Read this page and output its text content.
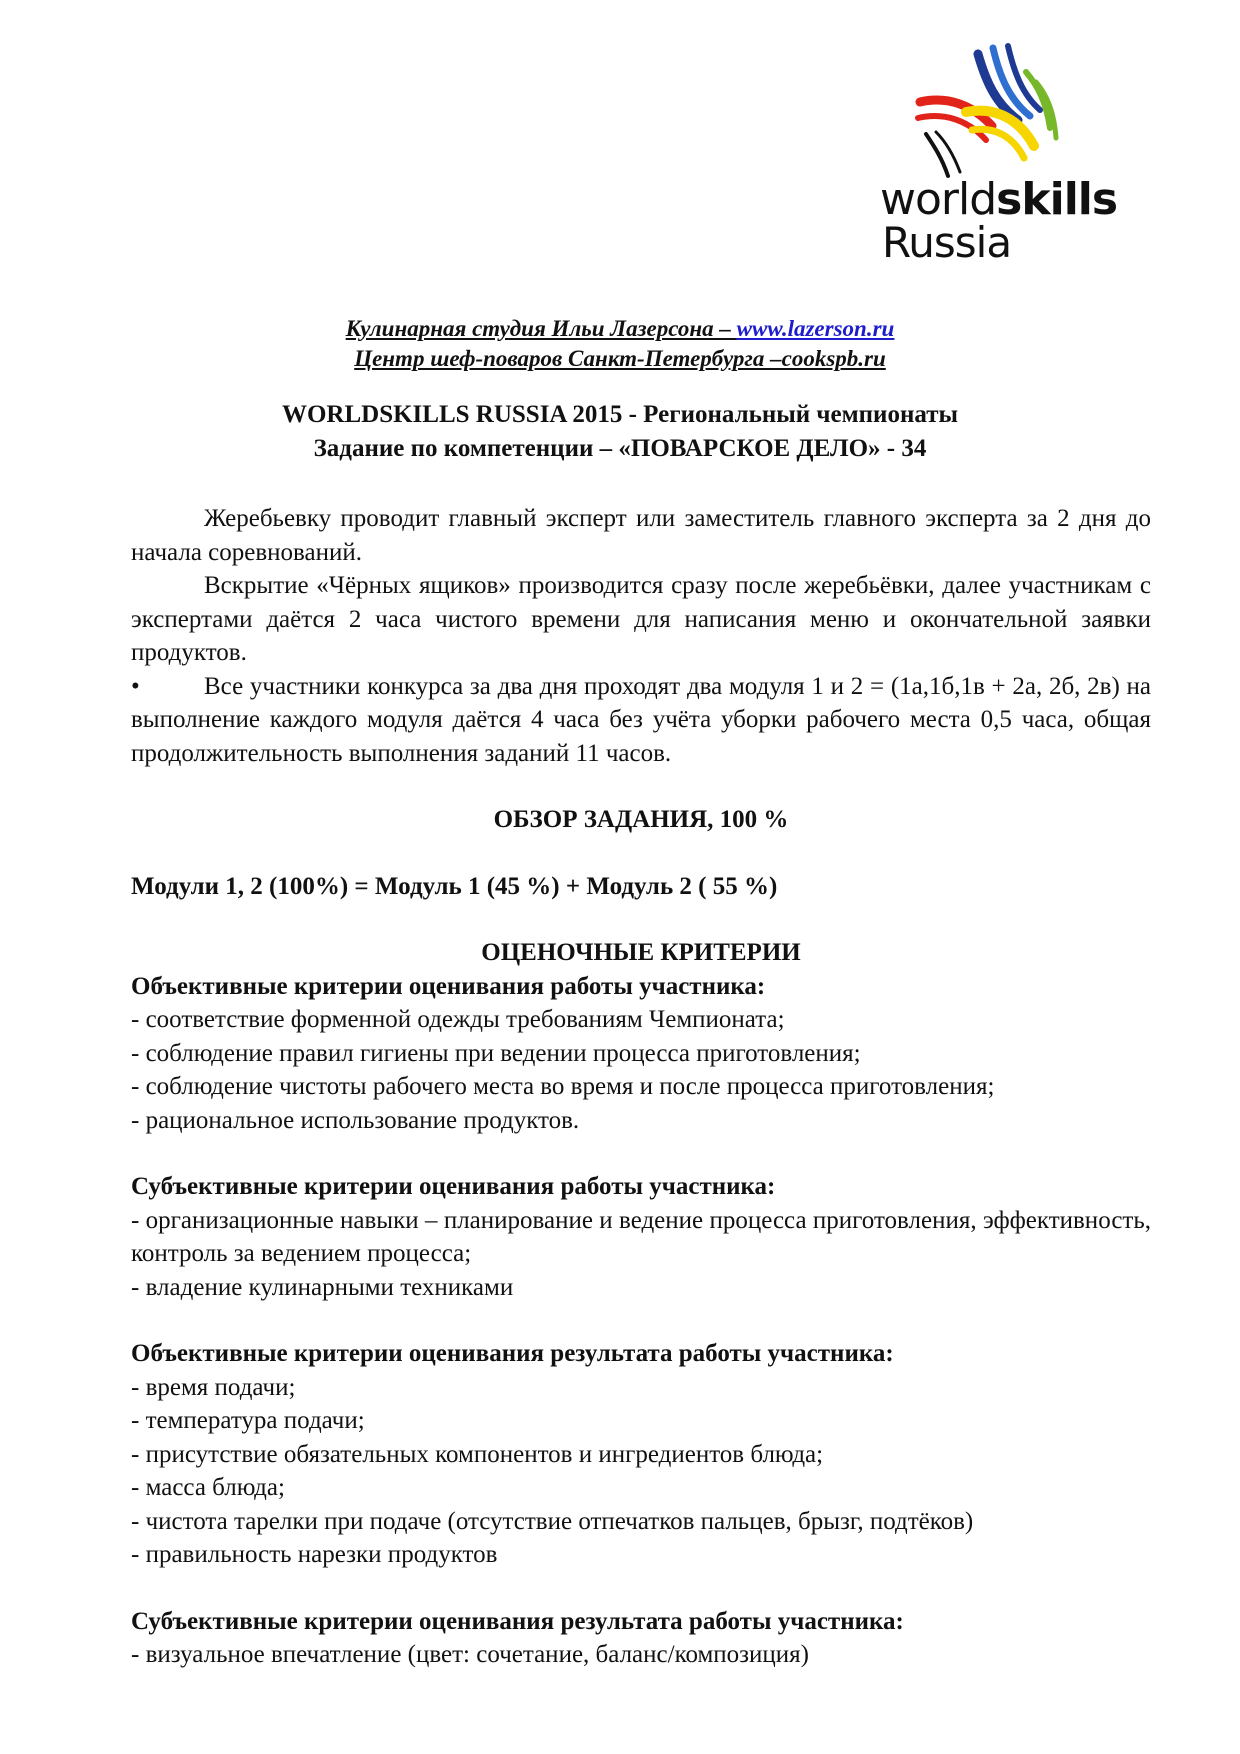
worldskills
Russia
Кулинарная студия Ильи Лазерсона – www.lazerson.ru
Центр шеф-поваров Санкт-Петербурга –cookspb.ru
WORLDSKILLS RUSSIA 2015 - Региональный чемпионаты
Задание по компетенции – «ПОВАРСКОЕ ДЕЛО» - 34

Жеребьевку проводит главный эксперт или заместитель главного эксперта за 2 дня до начала соревнований.

Вскрытие «Чёрных ящиков» производится сразу после жеребьёвки, далее участникам с экспертами даётся 2 часа чистого времени для написания меню и окончательной заявки продуктов.

•	Все участники конкурса за два дня проходят два модуля 1 и 2 = (1а,1б,1в + 2а, 2б, 2в) на выполнение каждого модуля даётся 4 часа без учёта уборки рабочего места 0,5 часа, общая продолжительность выполнения заданий 11 часов.

ОБЗОР ЗАДАНИЯ, 100 %

Модули 1, 2 (100%) = Модуль 1 (45 %) + Модуль 2 ( 55 %)

ОЦЕНОЧНЫЕ КРИТЕРИИ

Объективные критерии оценивания работы участника:

- соответствие форменной одежды требованиям Чемпионата;

- соблюдение правил гигиены при ведении процесса приготовления;

- соблюдение чистоты рабочего места во время и после процесса приготовления;

- рациональное использование продуктов.

Субъективные критерии оценивания работы участника:

- организационные навыки – планирование и ведение процесса приготовления, эффективность, контроль за ведением процесса;

- владение кулинарными техниками

Объективные критерии оценивания результата работы участника:

- время подачи;

- температура подачи;

- присутствие обязательных компонентов и ингредиентов блюда;

- масса блюда;

- чистота тарелки при подаче (отсутствие отпечатков пальцев, брызг, подтёков)

- правильность нарезки продуктов

Субъективные критерии оценивания результата работы участника:

- визуальное впечатление (цвет: сочетание, баланс/композиция)
